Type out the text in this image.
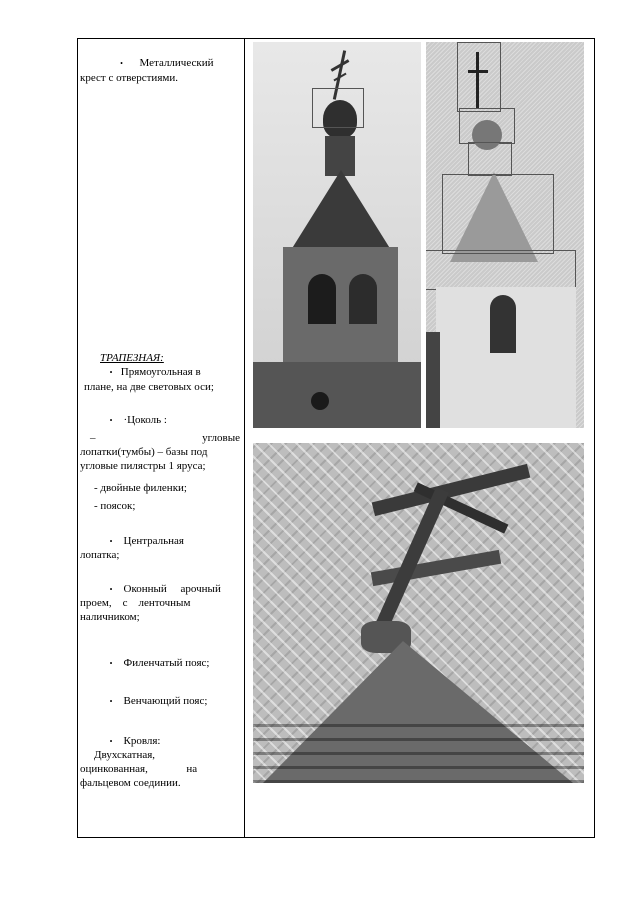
• Металлический
крест с отверстиями.
ТРАПЕЗНАЯ:
• Прямоугольная в
плане, на две световых оси;
• ·Цоколь :
–	угловые
лопатки(тумбы) – базы под
угловые пилястры 1 яруса;
- двойные филенки;
- поясок;
• Центральная
лопатка;
• Оконный     арочный
проем,    с    ленточным
наличником;
• Филенчатый пояс;
• Венчающий пояс;
• Кровля:
Двухскатная,
оцинкованная,              на
фальцевом соединии.
